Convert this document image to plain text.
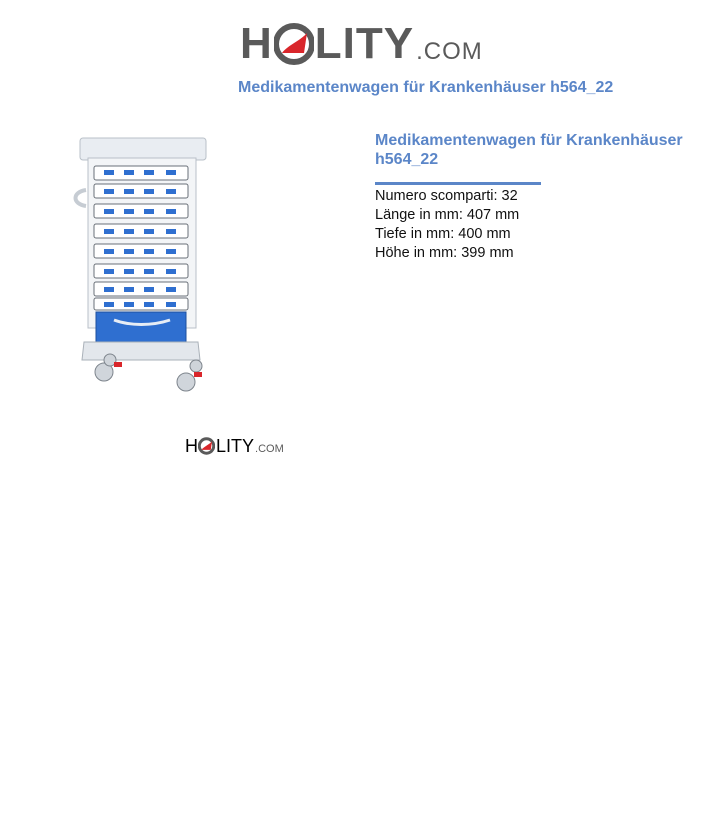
H LITY .COM
Medikamentenwagen für Krankenhäuser h564_22
H LITY .COM
Medikamentenwagen für Krankenhäuser h564_22
Numero scomparti: 32
Länge in mm: 407 mm
Tiefe in mm: 400 mm
Höhe in mm: 399 mm
